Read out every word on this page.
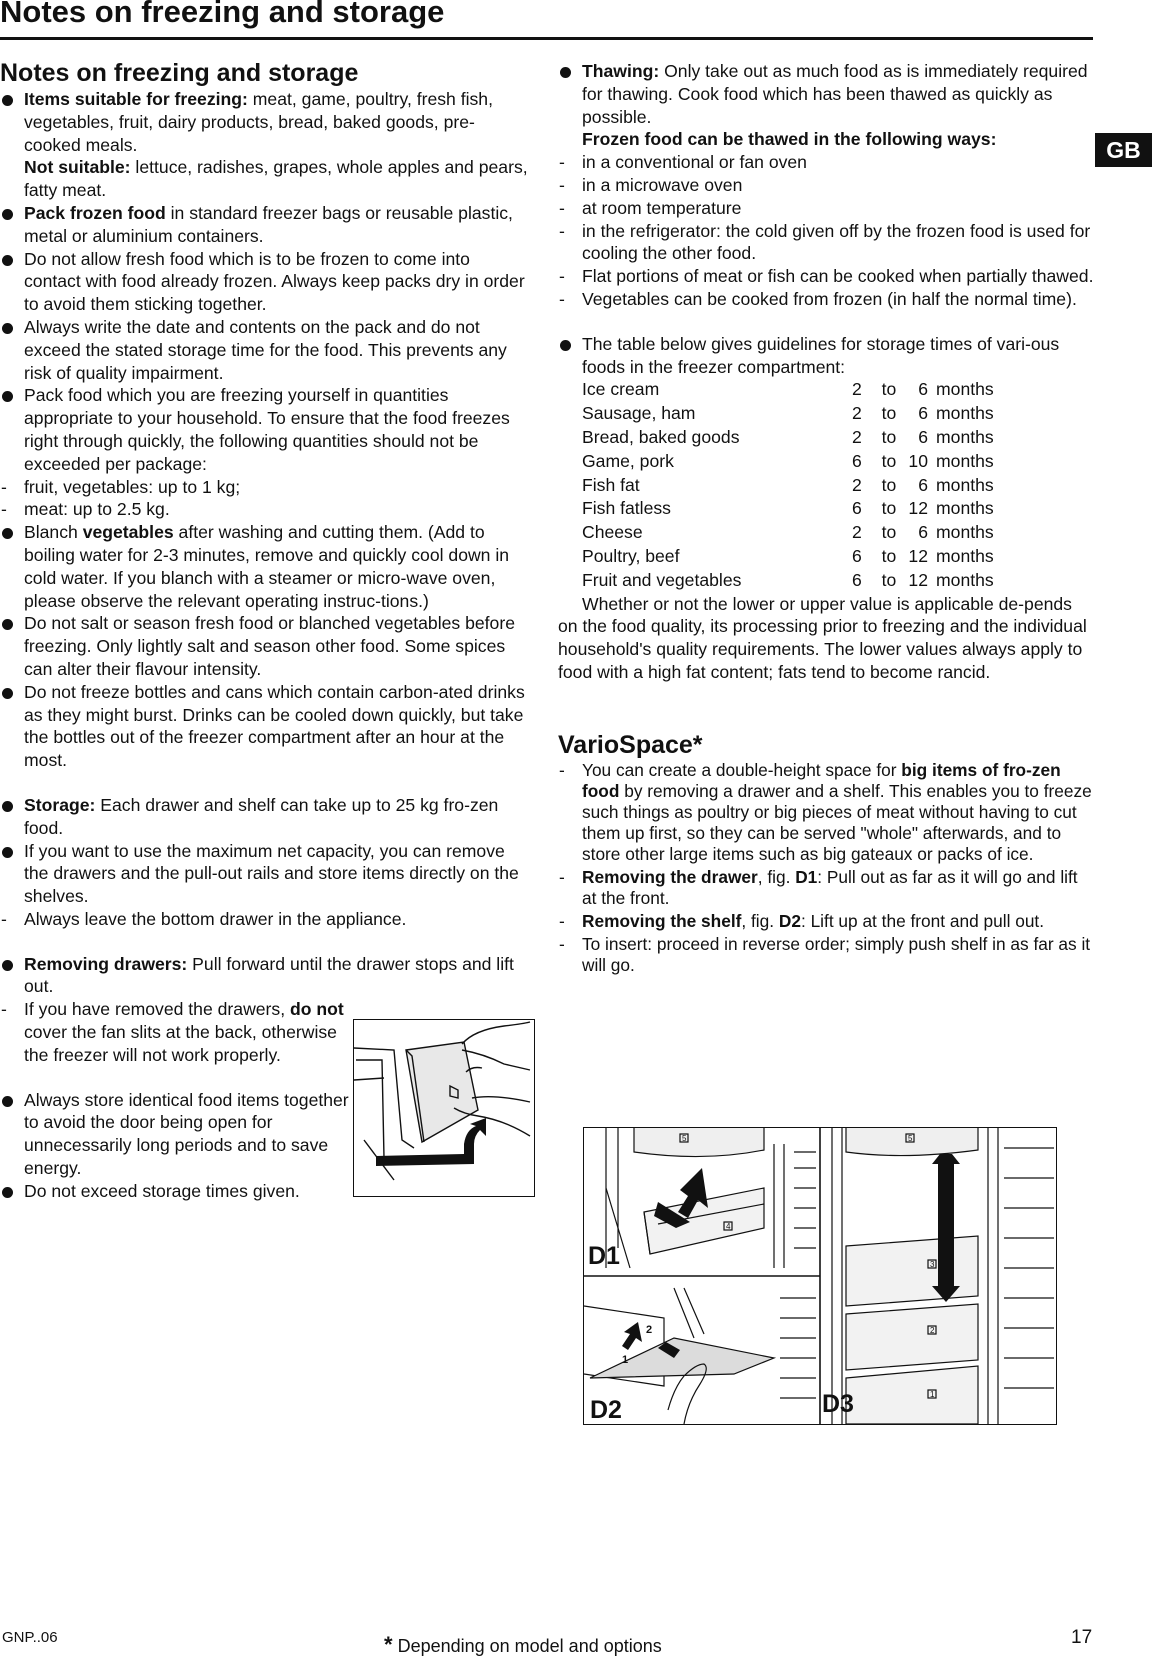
Notes on freezing and storage
GB
Notes on freezing and storage
Items suitable for freezing: meat, game, poultry, fresh fish, vegetables, fruit, dairy products, bread, baked goods, pre-cooked meals.
Not suitable: lettuce, radishes, grapes, whole apples and pears, fatty meat.
Pack frozen food in standard freezer bags or reusable plastic, metal or aluminium containers.
Do not allow fresh food which is to be frozen to come into contact with food already frozen. Always keep packs dry in order to avoid them sticking together.
Always write the date and contents on the pack and do not exceed the stated storage time for the food. This prevents any risk of quality impairment.
Pack food which you are freezing yourself in quantities appropriate to your household. To ensure that the food freezes right through quickly, the following quantities should not be exceeded per package:
fruit, vegetables: up to 1 kg;
meat: up to 2.5 kg.
Blanch vegetables after washing and cutting them. (Add to boiling water for 2-3 minutes, remove and quickly cool down in cold water. If you blanch with a steamer or micro-wave oven, please observe the relevant operating instruc-tions.)
Do not salt or season fresh food or blanched vegetables before freezing. Only lightly salt and season other food. Some spices can alter their flavour intensity.
Do not freeze bottles and cans which contain carbon-ated drinks as they might burst. Drinks can be cooled down quickly, but take the bottles out of the freezer compartment after an hour at the most.
Storage: Each drawer and shelf can take up to 25 kg fro-zen food.
If you want to use the maximum net capacity, you can remove the drawers and the pull-out rails and store items directly on the shelves.
Always leave the bottom drawer in the appliance.
Removing drawers: Pull forward until the drawer stops and lift out.
If you have removed the drawers, do not cover the fan slits at the back, otherwise the freezer will not work properly.
Always store identical food items together to avoid the door being open for unnecessarily long periods and to save energy.
Do not exceed storage times given.
Thawing: Only take out as much food as is immediately required for thawing. Cook food which has been thawed as quickly as possible.
Frozen food can be thawed in the following ways:
in a conventional or fan oven
in a microwave oven
at room temperature
in the refrigerator: the cold given off by the frozen food is used for cooling the other food.
Flat portions of meat or fish can be cooked when partially thawed.
Vegetables can be cooked from frozen (in half the normal time).
The table below gives guidelines for storage times of vari-ous foods in the freezer compartment:
Ice cream	2	to	6	months
Sausage, ham	2	to	6	months
Bread, baked goods	2	to	6	months
Game, pork	6	to	10	months
Fish fat	2	to	6	months
Fish fatless	6	to	12	months
Cheese	2	to	6	months
Poultry, beef	6	to	12	months
Fruit and vegetables	6	to	12	months
Whether or not the lower or upper value is applicable de-pends on the food quality, its processing prior to freezing and the individual household's quality requirements. The lower values always apply to food with a high fat content; fats tend to become rancid.
VarioSpace*
You can create a double-height space for big items of fro-zen food by removing a drawer and a shelf. This enables you to freeze such things as poultry or big pieces of meat without having to cut them up first, so they can be served "whole" afterwards, and to store other large items such as big gateaux or packs of ice.
Removing the drawer, fig. D1: Pull out as far as it will go and lift at the front.
Removing the shelf, fig. D2: Lift up at the front and pull out.
To insert: proceed in reverse order; simply push shelf in as far as it will go.
5
4
5
3
2
1
1
2
D1
D2	D3
GNP..06	* Depending on model and options	17
